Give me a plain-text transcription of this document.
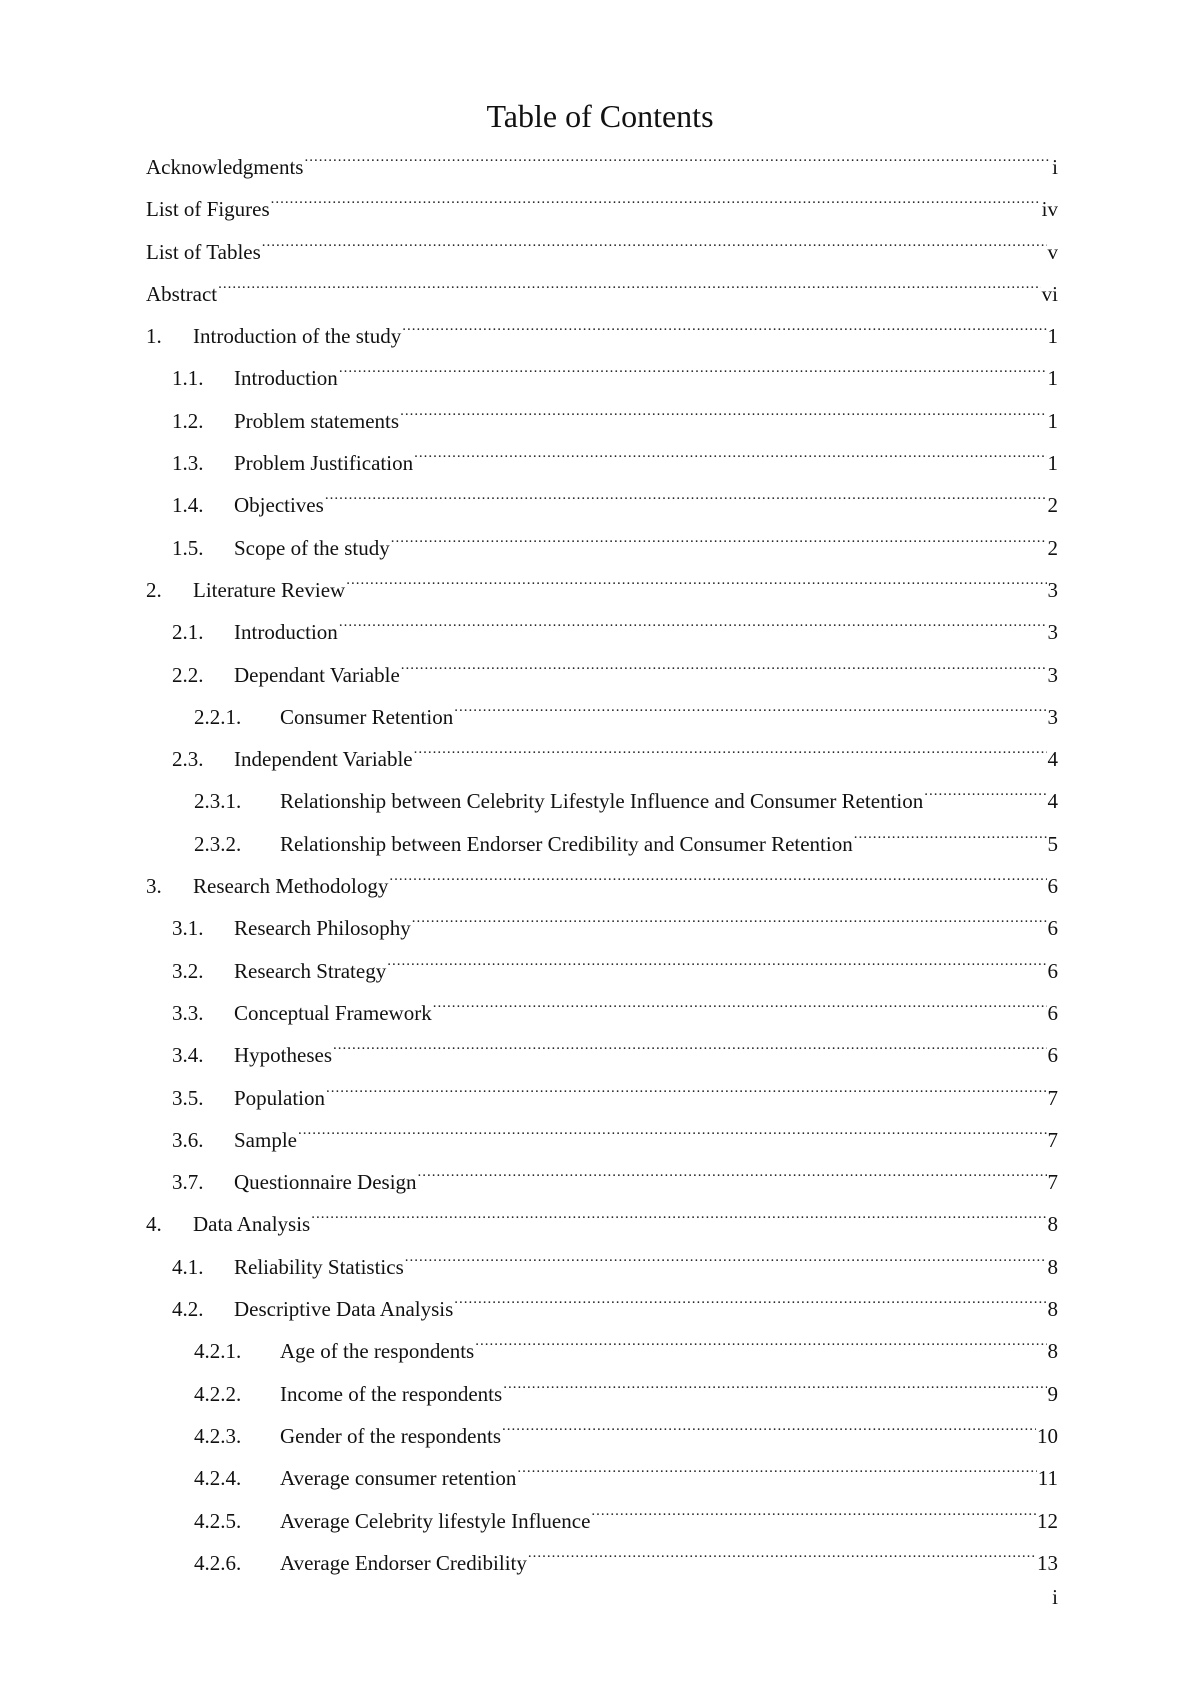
Table of Contents
Acknowledgments .....	i
List of Figures .....	iv
List of Tables .....	v
Abstract .....	vi
1.	Introduction of the study .....	1
1.1.	Introduction .....	1
1.2.	Problem statements .....	1
1.3.	Problem Justification .....	1
1.4.	Objectives .....	2
1.5.	Scope of the study .....	2
2.	Literature Review .....	3
2.1.	Introduction .....	3
2.2.	Dependant Variable .....	3
2.2.1.	Consumer Retention .....	3
2.3.	Independent Variable .....	4
2.3.1.	Relationship between Celebrity Lifestyle Influence and Consumer Retention .....	4
2.3.2.	Relationship between Endorser Credibility and Consumer Retention .....	5
3.	Research Methodology .....	6
3.1.	Research Philosophy .....	6
3.2.	Research Strategy .....	6
3.3.	Conceptual Framework .....	6
3.4.	Hypotheses .....	6
3.5.	Population .....	7
3.6.	Sample .....	7
3.7.	Questionnaire Design .....	7
4.	Data Analysis .....	8
4.1.	Reliability Statistics .....	8
4.2.	Descriptive Data Analysis .....	8
4.2.1.	Age of the respondents .....	8
4.2.2.	Income of the respondents .....	9
4.2.3.	Gender of the respondents .....	10
4.2.4.	Average consumer retention .....	11
4.2.5.	Average Celebrity lifestyle Influence .....	12
4.2.6.	Average Endorser Credibility .....	13
i
